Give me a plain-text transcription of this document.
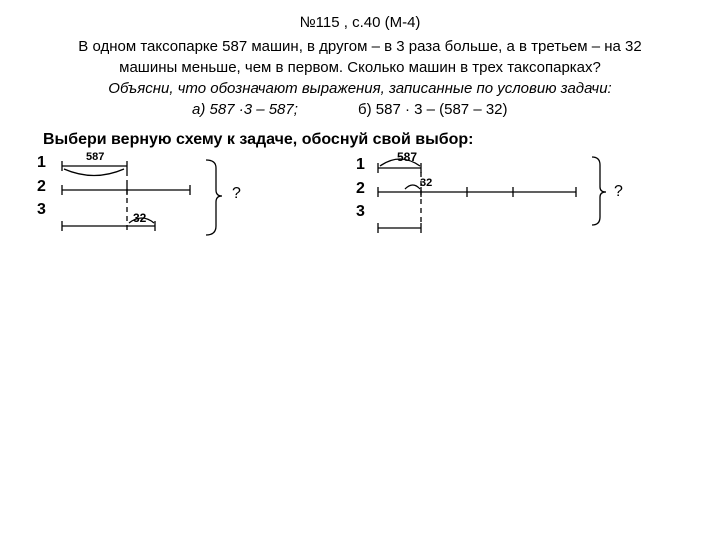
№115 , с.40 (М-4)
В одном таксопарке 587 машин, в другом – в 3 раза больше, а в третьем – на 32
машины меньше, чем в первом. Сколько машин в трех таксопарках?
Объясни, что обозначают выражения, записанные по условию задачи:
а) 587 ·3 – 587;	б) 587 · 3 – (587 – 32)
Выбери верную схему к задаче, обоснуй свой выбор:
1
2
3
587
32
?
1
2
3
587
32	?
